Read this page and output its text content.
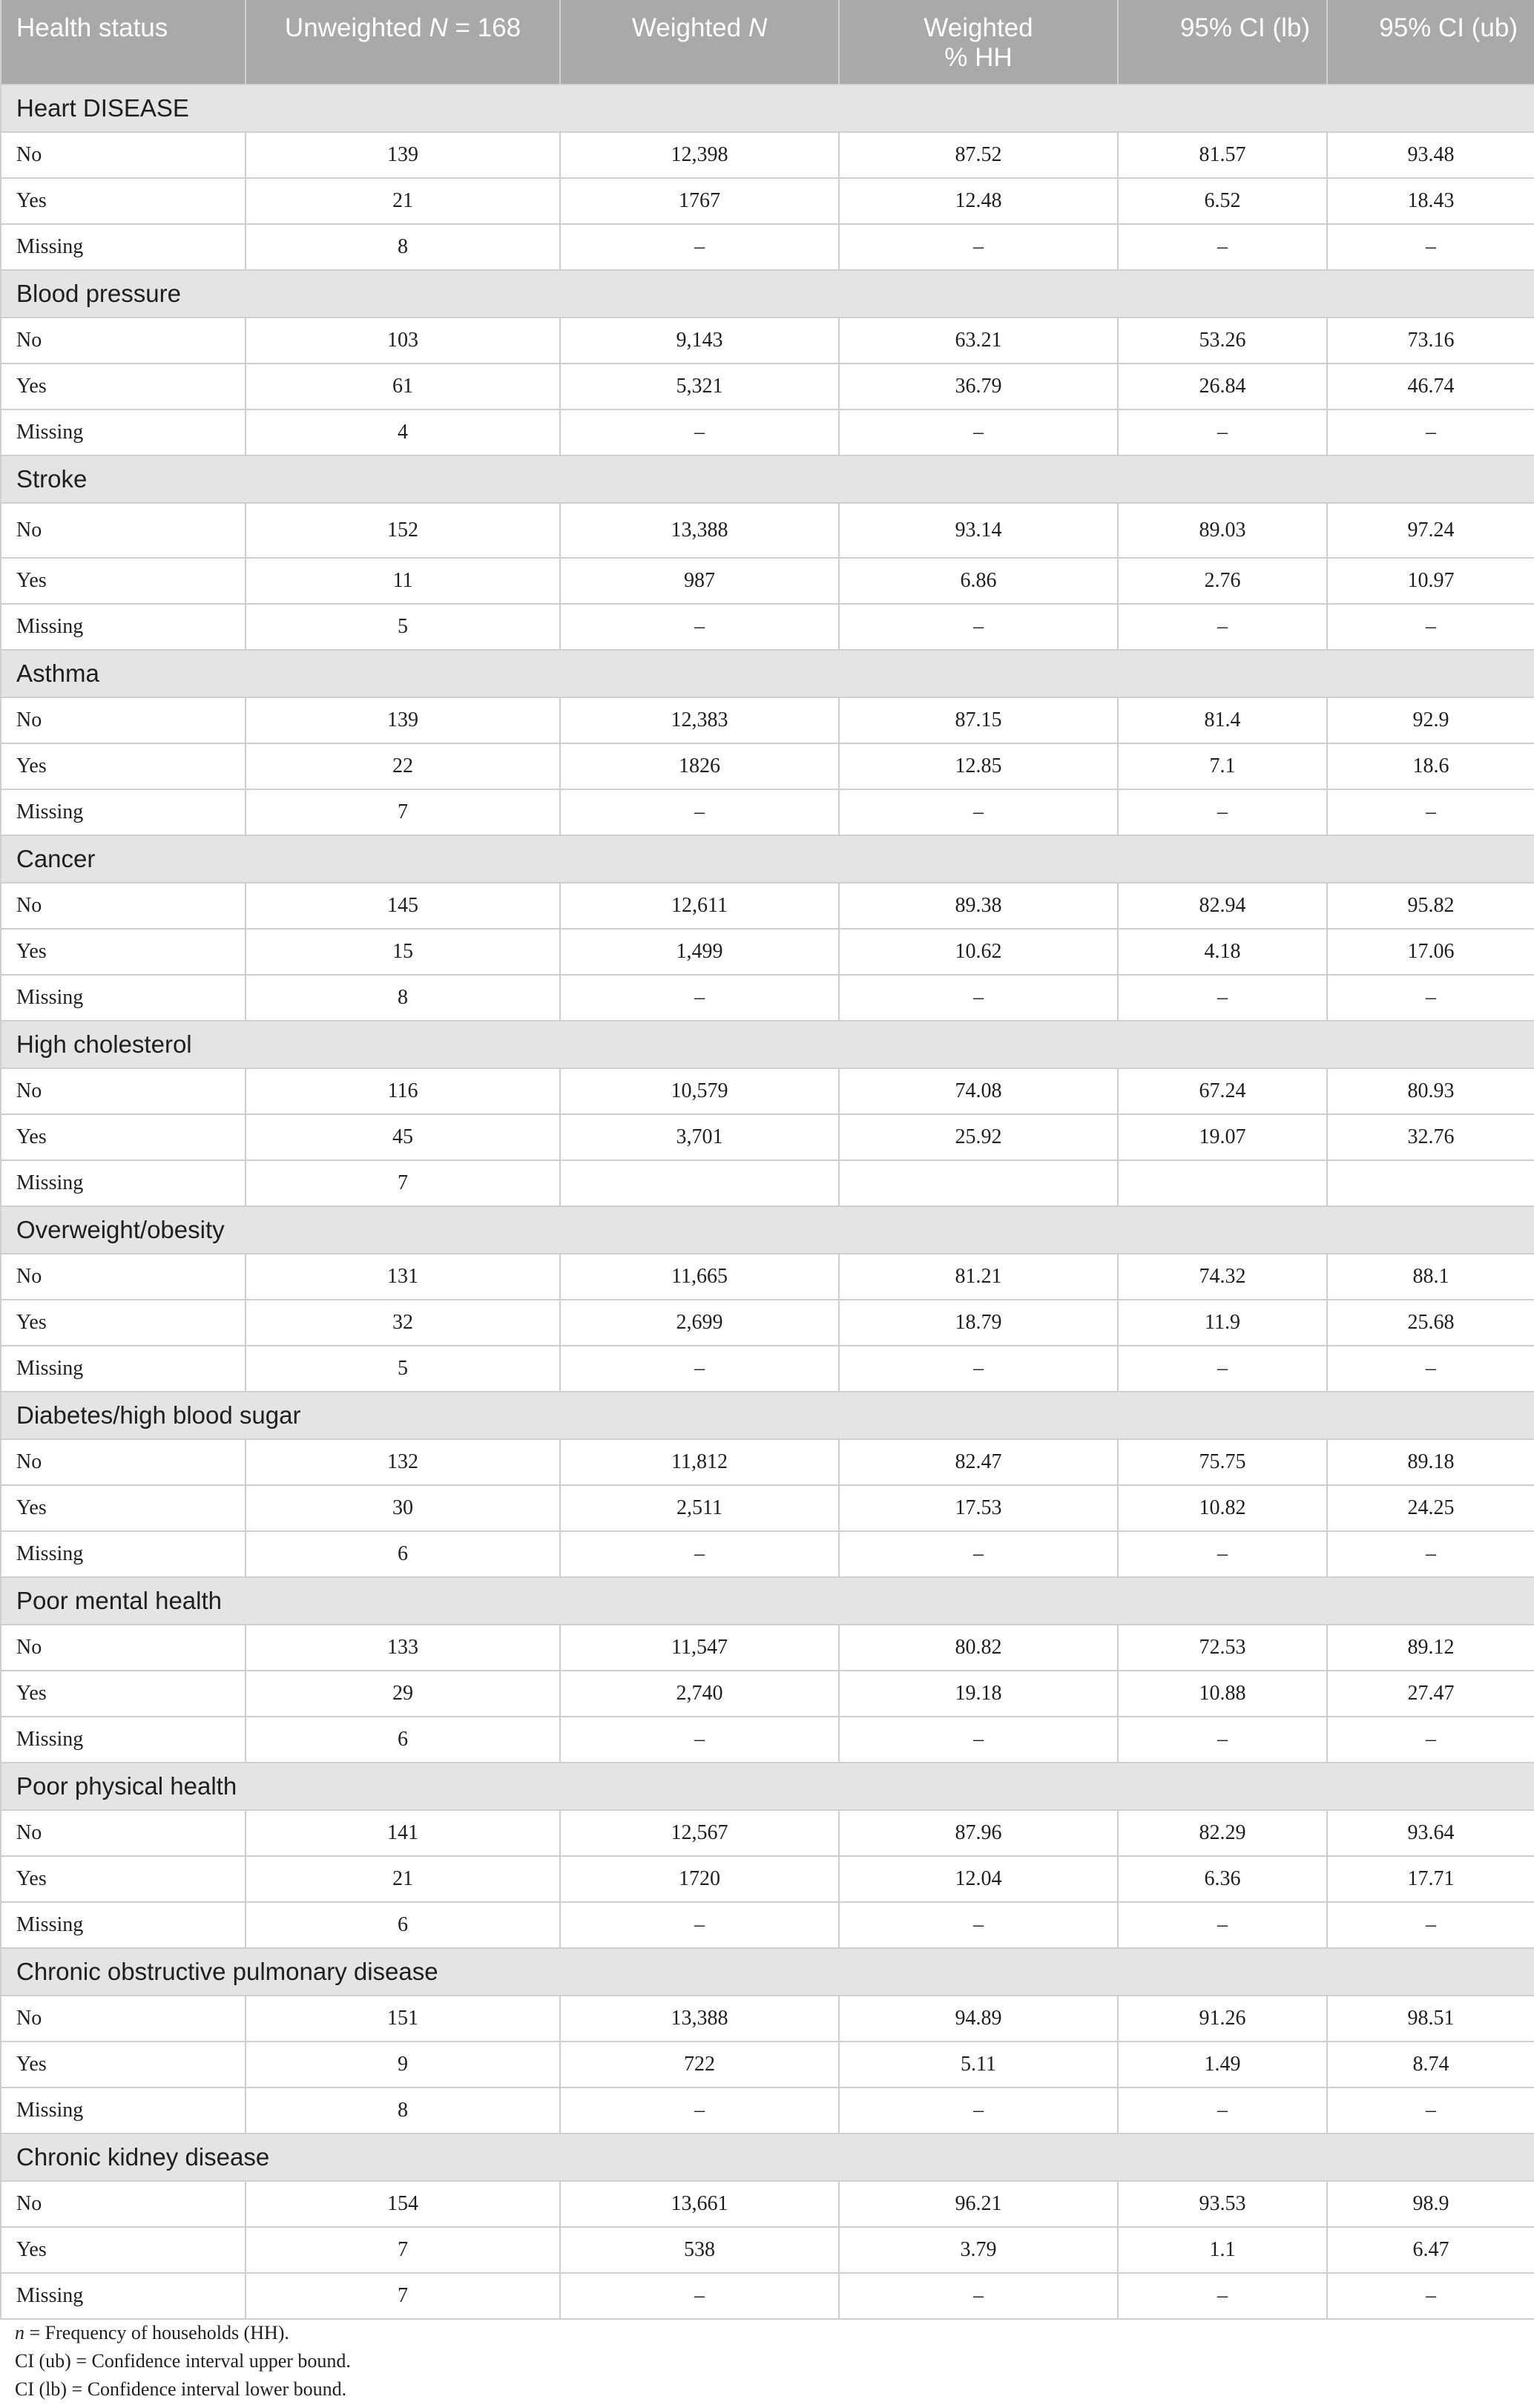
Health status	Unweighted N = 168	Weighted N	Weighted
% HH	95% CI (lb)	95% CI (ub)
Heart DISEASE					
No	139	12,398	87.52	81.57	93.48
Yes	21	1767	12.48	6.52	18.43
Missing	8	–	–	–	–
Blood pressure					
No	103	9,143	63.21	53.26	73.16
Yes	61	5,321	36.79	26.84	46.74
Missing	4	–	–	–	–
Stroke					
No	152	13,388	93.14	89.03	97.24
Yes	11	987	6.86	2.76	10.97
Missing	5	–	–	–	–
Asthma					
No	139	12,383	87.15	81.4	92.9
Yes	22	1826	12.85	7.1	18.6
Missing	7	–	–	–	–
Cancer					
No	145	12,611	89.38	82.94	95.82
Yes	15	1,499	10.62	4.18	17.06
Missing	8	–	–	–	–
High cholesterol					
No	116	10,579	74.08	67.24	80.93
Yes	45	3,701	25.92	19.07	32.76
Missing	7				
Overweight/obesity					
No	131	11,665	81.21	74.32	88.1
Yes	32	2,699	18.79	11.9	25.68
Missing	5	–	–	–	–
Diabetes/high blood sugar					
No	132	11,812	82.47	75.75	89.18
Yes	30	2,511	17.53	10.82	24.25
Missing	6	–	–	–	–
Poor mental health					
No	133	11,547	80.82	72.53	89.12
Yes	29	2,740	19.18	10.88	27.47
Missing	6	–	–	–	–
Poor physical health					
No	141	12,567	87.96	82.29	93.64
Yes	21	1720	12.04	6.36	17.71
Missing	6	–	–	–	–
Chronic obstructive pulmonary disease					
No	151	13,388	94.89	91.26	98.51
Yes	9	722	5.11	1.49	8.74
Missing	8	–	–	–	–
Chronic kidney disease					
No	154	13,661	96.21	93.53	98.9
Yes	7	538	3.79	1.1	6.47
Missing	7	–	–	–	–
n = Frequency of households (HH).
CI (ub) = Confidence interval upper bound.
CI (lb) = Confidence interval lower bound.
